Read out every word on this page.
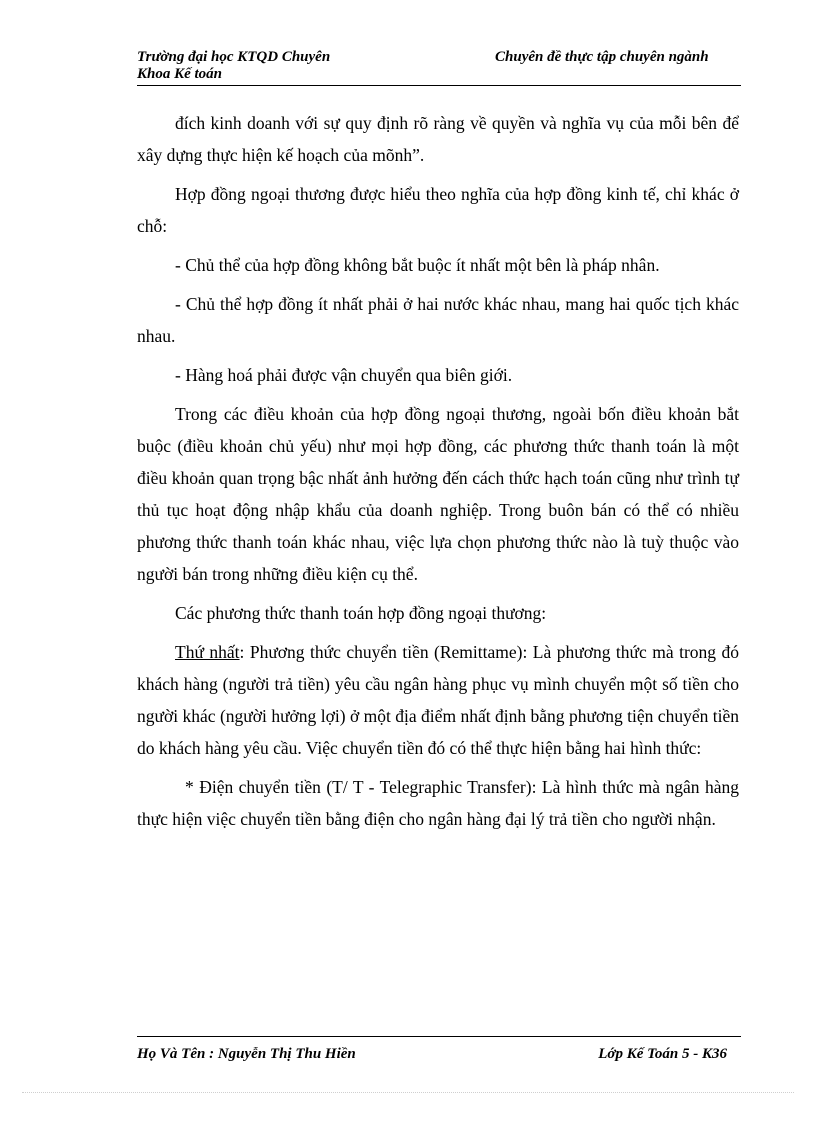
Trường đại học KTQD Chuyên
Khoa Kế toán
Chuyên đề thực tập chuyên ngành

đích kinh doanh với sự quy định rõ ràng về quyền và nghĩa vụ của mỗi bên để xây dựng thực hiện kế hoạch của mõnh”.

Hợp đồng ngoại thương được hiểu theo nghĩa của hợp đồng kinh tế, chỉ khác ở chỗ:

- Chủ thể của hợp đồng không bắt buộc ít nhất một bên là pháp nhân.

- Chủ thể hợp đồng ít nhất phải ở hai nước khác nhau, mang hai quốc tịch khác nhau.

- Hàng hoá phải được vận chuyển qua biên giới.

Trong các điều khoản của hợp đồng ngoại thương, ngoài bốn điều khoản bắt buộc (điều khoản chủ yếu) như mọi hợp đồng, các phương thức thanh toán là một điều khoản quan trọng bậc nhất ảnh hưởng đến cách thức hạch toán cũng như trình tự thủ tục hoạt động nhập khẩu của doanh nghiệp. Trong buôn bán có thể có nhiều phương thức thanh toán khác nhau, việc lựa chọn phương thức nào là tuỳ thuộc vào người bán trong những điều kiện cụ thể.

Các phương thức thanh toán hợp đồng ngoại thương:

Thứ nhất: Phương thức chuyển tiền (Remittame): Là phương thức mà trong đó khách hàng (người trả tiền) yêu cầu ngân hàng phục vụ mình chuyển một số tiền cho người khác (người hưởng lợi) ở một địa điểm nhất định bằng phương tiện chuyển tiền do khách hàng yêu cầu. Việc chuyển tiền đó có thể thực hiện bằng hai hình thức:

* Điện chuyển tiền (T/ T - Telegraphic Transfer): Là hình thức mà ngân hàng thực hiện việc chuyển tiền bằng điện cho ngân hàng đại lý trả tiền cho người nhận.

Họ Và Tên : Nguyễn Thị Thu Hiền	Lớp Kế Toán 5 - K36
